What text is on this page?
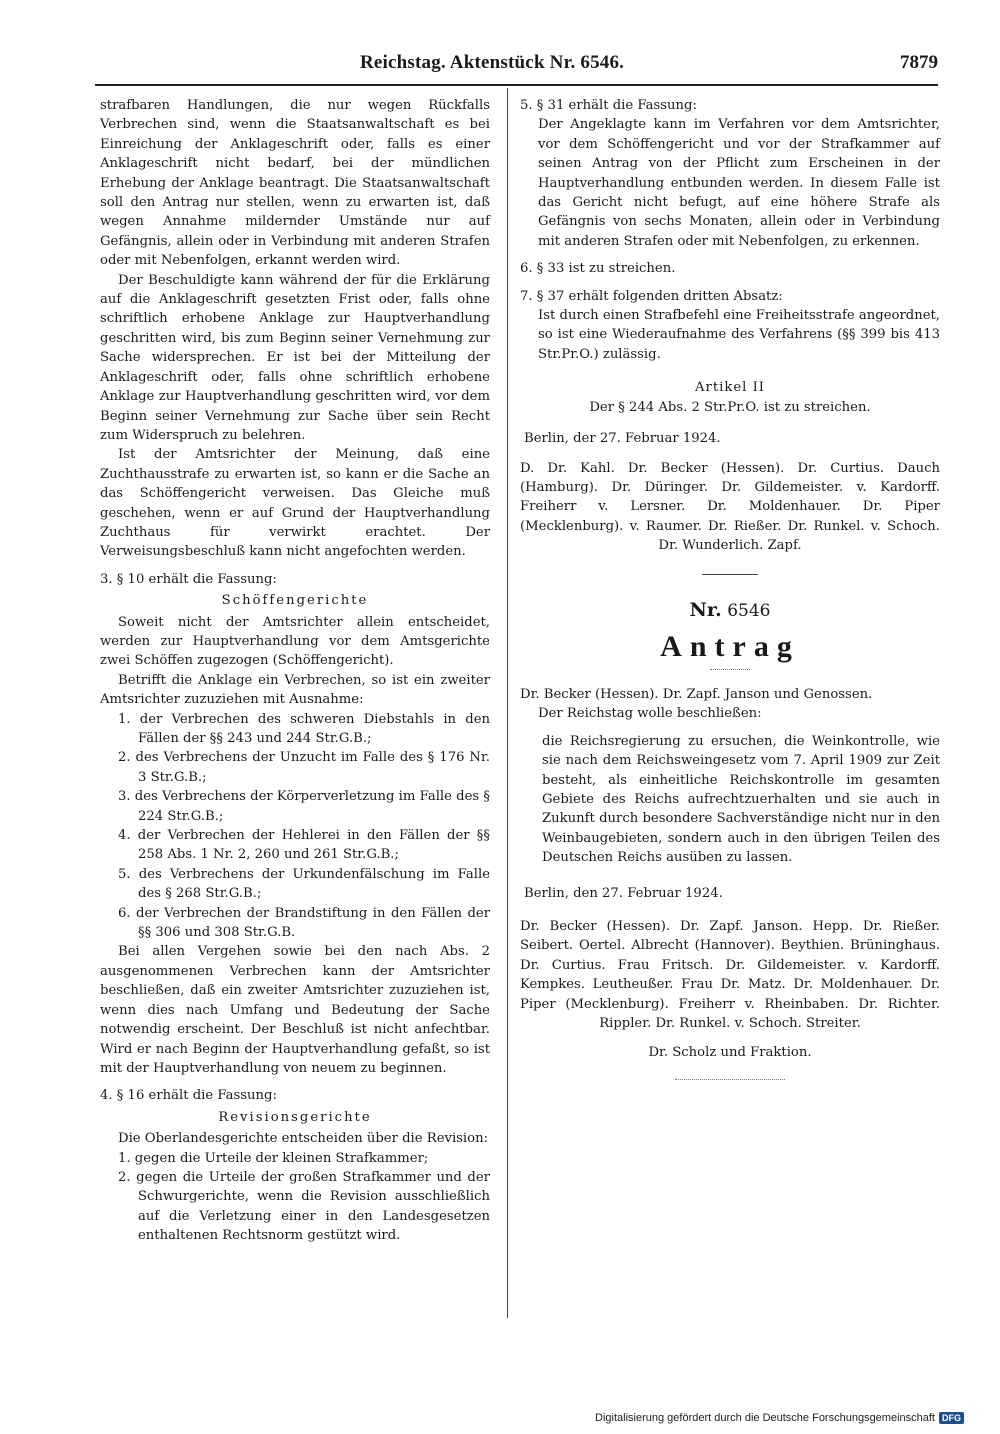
Reichstag. Aktenstück Nr. 6546.	7879

strafbaren Handlungen, die nur wegen Rückfalls Verbrechen sind, wenn die Staatsanwaltschaft es bei Einreichung der Anklageschrift oder, falls es einer Anklageschrift nicht bedarf, bei der mündlichen Erhebung der Anklage beantragt. Die Staatsanwaltschaft soll den Antrag nur stellen, wenn zu erwarten ist, daß wegen Annahme mildernder Umstände nur auf Gefängnis, allein oder in Verbindung mit anderen Strafen oder mit Nebenfolgen, erkannt werden wird.

Der Beschuldigte kann während der für die Erklärung auf die Anklageschrift gesetzten Frist oder, falls ohne schriftlich erhobene Anklage zur Hauptverhandlung geschritten wird, bis zum Beginn seiner Vernehmung zur Sache widersprechen. Er ist bei der Mitteilung der Anklageschrift oder, falls ohne schriftlich erhobene Anklage zur Hauptverhandlung geschritten wird, vor dem Beginn seiner Vernehmung zur Sache über sein Recht zum Widerspruch zu belehren.

Ist der Amtsrichter der Meinung, daß eine Zuchthausstrafe zu erwarten ist, so kann er die Sache an das Schöffengericht verweisen. Das Gleiche muß geschehen, wenn er auf Grund der Hauptverhandlung Zuchthaus für verwirkt erachtet. Der Verweisungsbeschluß kann nicht angefochten werden.

3. § 10 erhält die Fassung:

Schöffengerichte

Soweit nicht der Amtsrichter allein entscheidet, werden zur Hauptverhandlung vor dem Amtsgerichte zwei Schöffen zugezogen (Schöffengericht).

Betrifft die Anklage ein Verbrechen, so ist ein zweiter Amtsrichter zuzuziehen mit Ausnahme:

1. der Verbrechen des schweren Diebstahls in den Fällen der §§ 243 und 244 Str.G.B.;
2. des Verbrechens der Unzucht im Falle des § 176 Nr. 3 Str.G.B.;
3. des Verbrechens der Körperverletzung im Falle des § 224 Str.G.B.;
4. der Verbrechen der Hehlerei in den Fällen der §§ 258 Abs. 1 Nr. 2, 260 und 261 Str.G.B.;
5. des Verbrechens der Urkundenfälschung im Falle des § 268 Str.G.B.;
6. der Verbrechen der Brandstiftung in den Fällen der §§ 306 und 308 Str.G.B.

Bei allen Vergehen sowie bei den nach Abs. 2 ausgenommenen Verbrechen kann der Amtsrichter beschließen, daß ein zweiter Amtsrichter zuzuziehen ist, wenn dies nach Umfang und Bedeutung der Sache notwendig erscheint. Der Beschluß ist nicht anfechtbar. Wird er nach Beginn der Hauptverhandlung gefaßt, so ist mit der Hauptverhandlung von neuem zu beginnen.

4. § 16 erhält die Fassung:

Revisionsgerichte

Die Oberlandesgerichte entscheiden über die Revision:

1. gegen die Urteile der kleinen Strafkammer;
2. gegen die Urteile der großen Strafkammer und der Schwurgerichte, wenn die Revision ausschließlich auf die Verletzung einer in den Landesgesetzen enthaltenen Rechtsnorm gestützt wird.

5. § 31 erhält die Fassung:

Der Angeklagte kann im Verfahren vor dem Amtsrichter, vor dem Schöffengericht und vor der Strafkammer auf seinen Antrag von der Pflicht zum Erscheinen in der Hauptverhandlung entbunden werden. In diesem Falle ist das Gericht nicht befugt, auf eine höhere Strafe als Gefängnis von sechs Monaten, allein oder in Verbindung mit anderen Strafen oder mit Nebenfolgen, zu erkennen.

6. § 33 ist zu streichen.

7. § 37 erhält folgenden dritten Absatz:

Ist durch einen Strafbefehl eine Freiheitsstrafe angeordnet, so ist eine Wiederaufnahme des Verfahrens (§§ 399 bis 413 Str.Pr.O.) zulässig.

Artikel II

Der § 244 Abs. 2 Str.Pr.O. ist zu streichen.

Berlin, der 27. Februar 1924.

D. Dr. Kahl. Dr. Becker (Hessen). Dr. Curtius. Dauch (Hamburg). Dr. Düringer. Dr. Gildemeister. v. Kardorff. Freiherr v. Lersner. Dr. Moldenhauer. Dr. Piper (Mecklenburg). v. Raumer. Dr. Rießer. Dr. Runkel. v. Schoch. Dr. Wunderlich. Zapf.

Nr. 6546
Antrag

Dr. Becker (Hessen). Dr. Zapf. Janson und Genossen.

Der Reichstag wolle beschließen:

die Reichsregierung zu ersuchen, die Weinkontrolle, wie sie nach dem Reichsweingesetz vom 7. April 1909 zur Zeit besteht, als einheitliche Reichskontrolle im gesamten Gebiete des Reichs aufrechtzuerhalten und sie auch in Zukunft durch besondere Sachverständige nicht nur in den Weinbaugebieten, sondern auch in den übrigen Teilen des Deutschen Reichs ausüben zu lassen.

Berlin, den 27. Februar 1924.

Dr. Becker (Hessen). Dr. Zapf. Janson. Hepp. Dr. Rießer. Seibert. Oertel. Albrecht (Hannover). Beythien. Brüninghaus. Dr. Curtius. Frau Fritsch. Dr. Gildemeister. v. Kardorff. Kempkes. Leutheußer. Frau Dr. Matz. Dr. Moldenhauer. Dr. Piper (Mecklenburg). Freiherr v. Rheinbaben. Dr. Richter. Rippler. Dr. Runkel. v. Schoch. Streiter.

Dr. Scholz und Fraktion.

Digitalisierung gefördert durch die Deutsche Forschungsgemeinschaft DFG
